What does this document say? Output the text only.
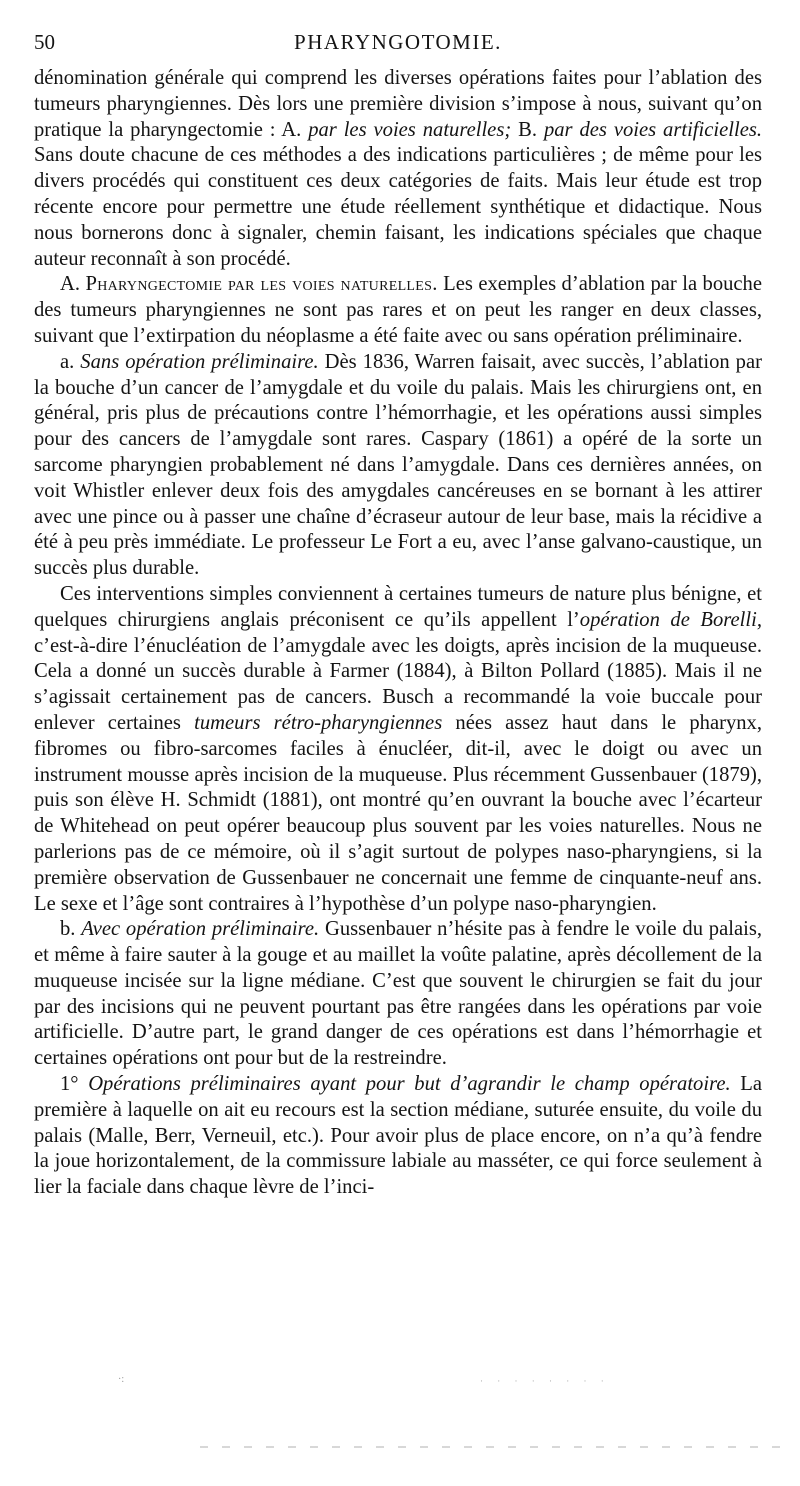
50	PHARYNGOTOMIE.

dénomination générale qui comprend les diverses opérations faites pour l’ablation des tumeurs pharyngiennes. Dès lors une première division s’impose à nous, suivant qu’on pratique la pharyngectomie : A. par les voies naturelles; B. par des voies artificielles. Sans doute chacune de ces méthodes a des indications particulières ; de même pour les divers procédés qui constituent ces deux catégories de faits. Mais leur étude est trop récente encore pour permettre une étude réellement synthétique et didactique. Nous nous bornerons donc à signaler, chemin faisant, les indications spéciales que chaque auteur reconnaît à son procédé.

A. Pharyngectomie par les voies naturelles. Les exemples d’ablation par la bouche des tumeurs pharyngiennes ne sont pas rares et on peut les ranger en deux classes, suivant que l’extirpation du néoplasme a été faite avec ou sans opération préliminaire.

a. Sans opération préliminaire. Dès 1836, Warren faisait, avec succès, l’ablation par la bouche d’un cancer de l’amygdale et du voile du palais. Mais les chirurgiens ont, en général, pris plus de précautions contre l’hémorrhagie, et les opérations aussi simples pour des cancers de l’amygdale sont rares. Caspary (1861) a opéré de la sorte un sarcome pharyngien probablement né dans l’amygdale. Dans ces dernières années, on voit Whistler enlever deux fois des amygdales cancéreuses en se bornant à les attirer avec une pince ou à passer une chaîne d’écraseur autour de leur base, mais la récidive a été à peu près immédiate. Le professeur Le Fort a eu, avec l’anse galvano-caustique, un succès plus durable.

Ces interventions simples conviennent à certaines tumeurs de nature plus bénigne, et quelques chirurgiens anglais préconisent ce qu’ils appellent l’opération de Borelli, c’est-à-dire l’énucléation de l’amygdale avec les doigts, après incision de la muqueuse. Cela a donné un succès durable à Farmer (1884), à Bilton Pollard (1885). Mais il ne s’agissait certainement pas de cancers. Busch a recommandé la voie buccale pour enlever certaines tumeurs rétro-pharyngiennes nées assez haut dans le pharynx, fibromes ou fibro-sarcomes faciles à énucléer, dit-il, avec le doigt ou avec un instrument mousse après incision de la muqueuse. Plus récemment Gussenbauer (1879), puis son élève H. Schmidt (1881), ont montré qu’en ouvrant la bouche avec l’écarteur de Whitehead on peut opérer beaucoup plus souvent par les voies naturelles. Nous ne parlerions pas de ce mémoire, où il s’agit surtout de polypes naso-pharyngiens, si la première observation de Gussenbauer ne concernait une femme de cinquante-neuf ans. Le sexe et l’âge sont contraires à l’hypothèse d’un polype naso-pharyngien.

b. Avec opération préliminaire. Gussenbauer n’hésite pas à fendre le voile du palais, et même à faire sauter à la gouge et au maillet la voûte palatine, après décollement de la muqueuse incisée sur la ligne médiane. C’est que souvent le chirurgien se fait du jour par des incisions qui ne peuvent pourtant pas être rangées dans les opérations par voie artificielle. D’autre part, le grand danger de ces opérations est dans l’hémorrhagie et certaines opérations ont pour but de la restreindre.

1° Opérations préliminaires ayant pour but d’agrandir le champ opératoire. La première à laquelle on ait eu recours est la section médiane, suturée ensuite, du voile du palais (Malle, Berr, Verneuil, etc.). Pour avoir plus de place encore, on n’a qu’à fendre la joue horizontalement, de la commissure labiale au masséter, ce qui force seulement à lier la faciale dans chaque lèvre de l’inci-

·:	· · · · · · · ·
